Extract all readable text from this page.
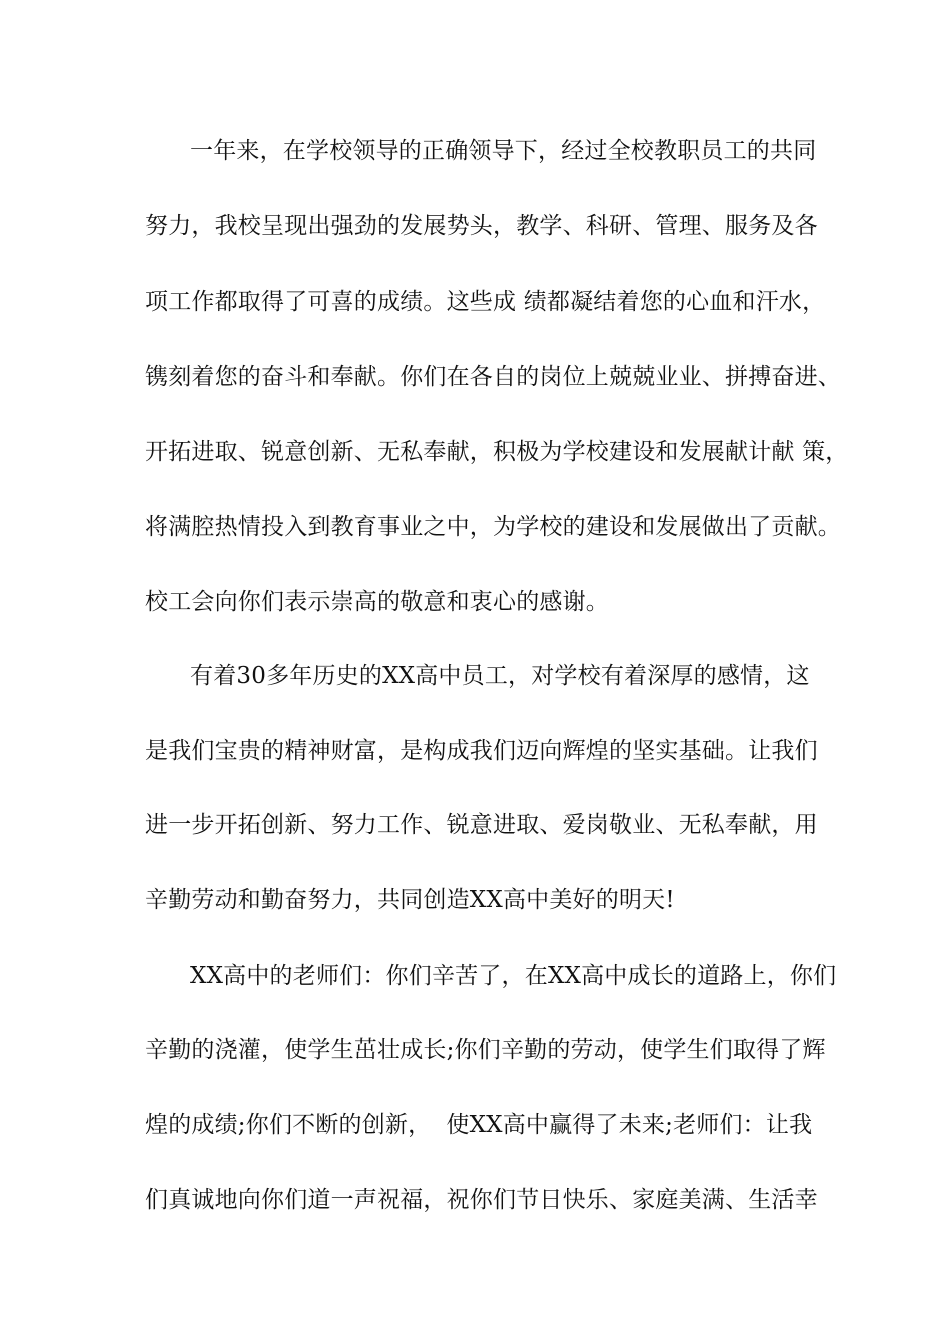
一年来，在学校领导的正确领导下，经过全校教职员工的共同

努力，我校呈现出强劲的发展势头，教学、科研、管理、服务及各

项工作都取得了可喜的成绩。这些成 绩都凝结着您的心血和汗水，

镌刻着您的奋斗和奉献。你们在各自的岗位上兢兢业业、拼搏奋进、

开拓进取、锐意创新、无私奉献，积极为学校建设和发展献计献 策，

将满腔热情投入到教育事业之中，为学校的建设和发展做出了贡献。

校工会向你们表示崇高的敬意和衷心的感谢。

有着30多年历史的XX高中员工，对学校有着深厚的感情，这

是我们宝贵的精神财富，是构成我们迈向辉煌的坚实基础。让我们

进一步开拓创新、努力工作、锐意进取、爱岗敬业、无私奉献，用

辛勤劳动和勤奋努力，共同创造XX高中美好的明天!

XX高中的老师们：你们辛苦了，在XX高中成长的道路上，你们

辛勤的浇灌，使学生茁壮成长;你们辛勤的劳动，使学生们取得了辉

煌的成绩;你们不断的创新，  使XX高中赢得了未来;老师们：让我

们真诚地向你们道一声祝福，祝你们节日快乐、家庭美满、生活幸
